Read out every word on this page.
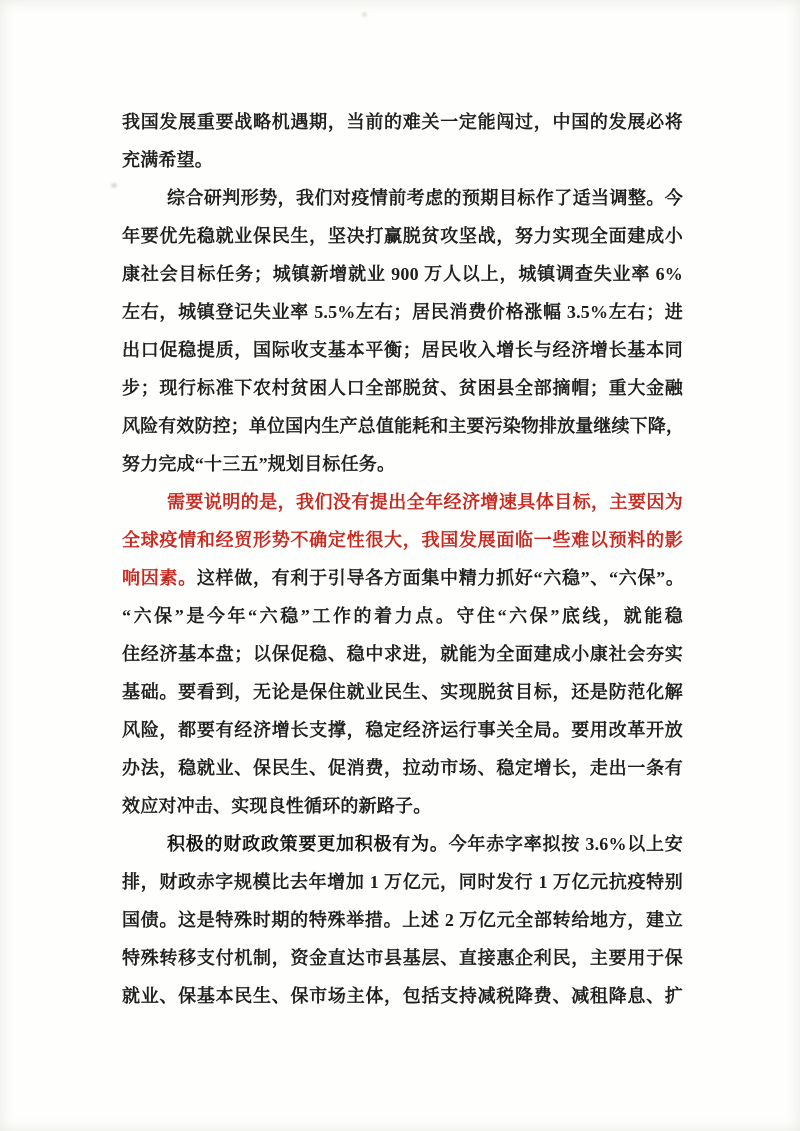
我国发展重要战略机遇期，当前的难关一定能闯过，中国的发展必将
充满希望。
综合研判形势，我们对疫情前考虑的预期目标作了适当调整。今
年要优先稳就业保民生，坚决打赢脱贫攻坚战，努力实现全面建成小
康社会目标任务；城镇新增就业 900 万人以上，城镇调查失业率 6%
左右，城镇登记失业率 5.5%左右；居民消费价格涨幅 3.5%左右；进
出口促稳提质，国际收支基本平衡；居民收入增长与经济增长基本同
步；现行标准下农村贫困人口全部脱贫、贫困县全部摘帽；重大金融
风险有效防控；单位国内生产总值能耗和主要污染物排放量继续下降，
努力完成“十三五”规划目标任务。
需要说明的是，我们没有提出全年经济增速具体目标，主要因为
全球疫情和经贸形势不确定性很大，我国发展面临一些难以预料的影
响因素。这样做，有利于引导各方面集中精力抓好“六稳”、“六保”。
“六保”是今年“六稳”工作的着力点。守住“六保”底线，就能稳
住经济基本盘；以保促稳、稳中求进，就能为全面建成小康社会夯实
基础。要看到，无论是保住就业民生、实现脱贫目标，还是防范化解
风险，都要有经济增长支撑，稳定经济运行事关全局。要用改革开放
办法，稳就业、保民生、促消费，拉动市场、稳定增长，走出一条有
效应对冲击、实现良性循环的新路子。
积极的财政政策要更加积极有为。今年赤字率拟按 3.6%以上安
排，财政赤字规模比去年增加 1 万亿元，同时发行 1 万亿元抗疫特别
国债。这是特殊时期的特殊举措。上述 2 万亿元全部转给地方，建立
特殊转移支付机制，资金直达市县基层、直接惠企利民，主要用于保
就业、保基本民生、保市场主体，包括支持减税降费、减租降息、扩
